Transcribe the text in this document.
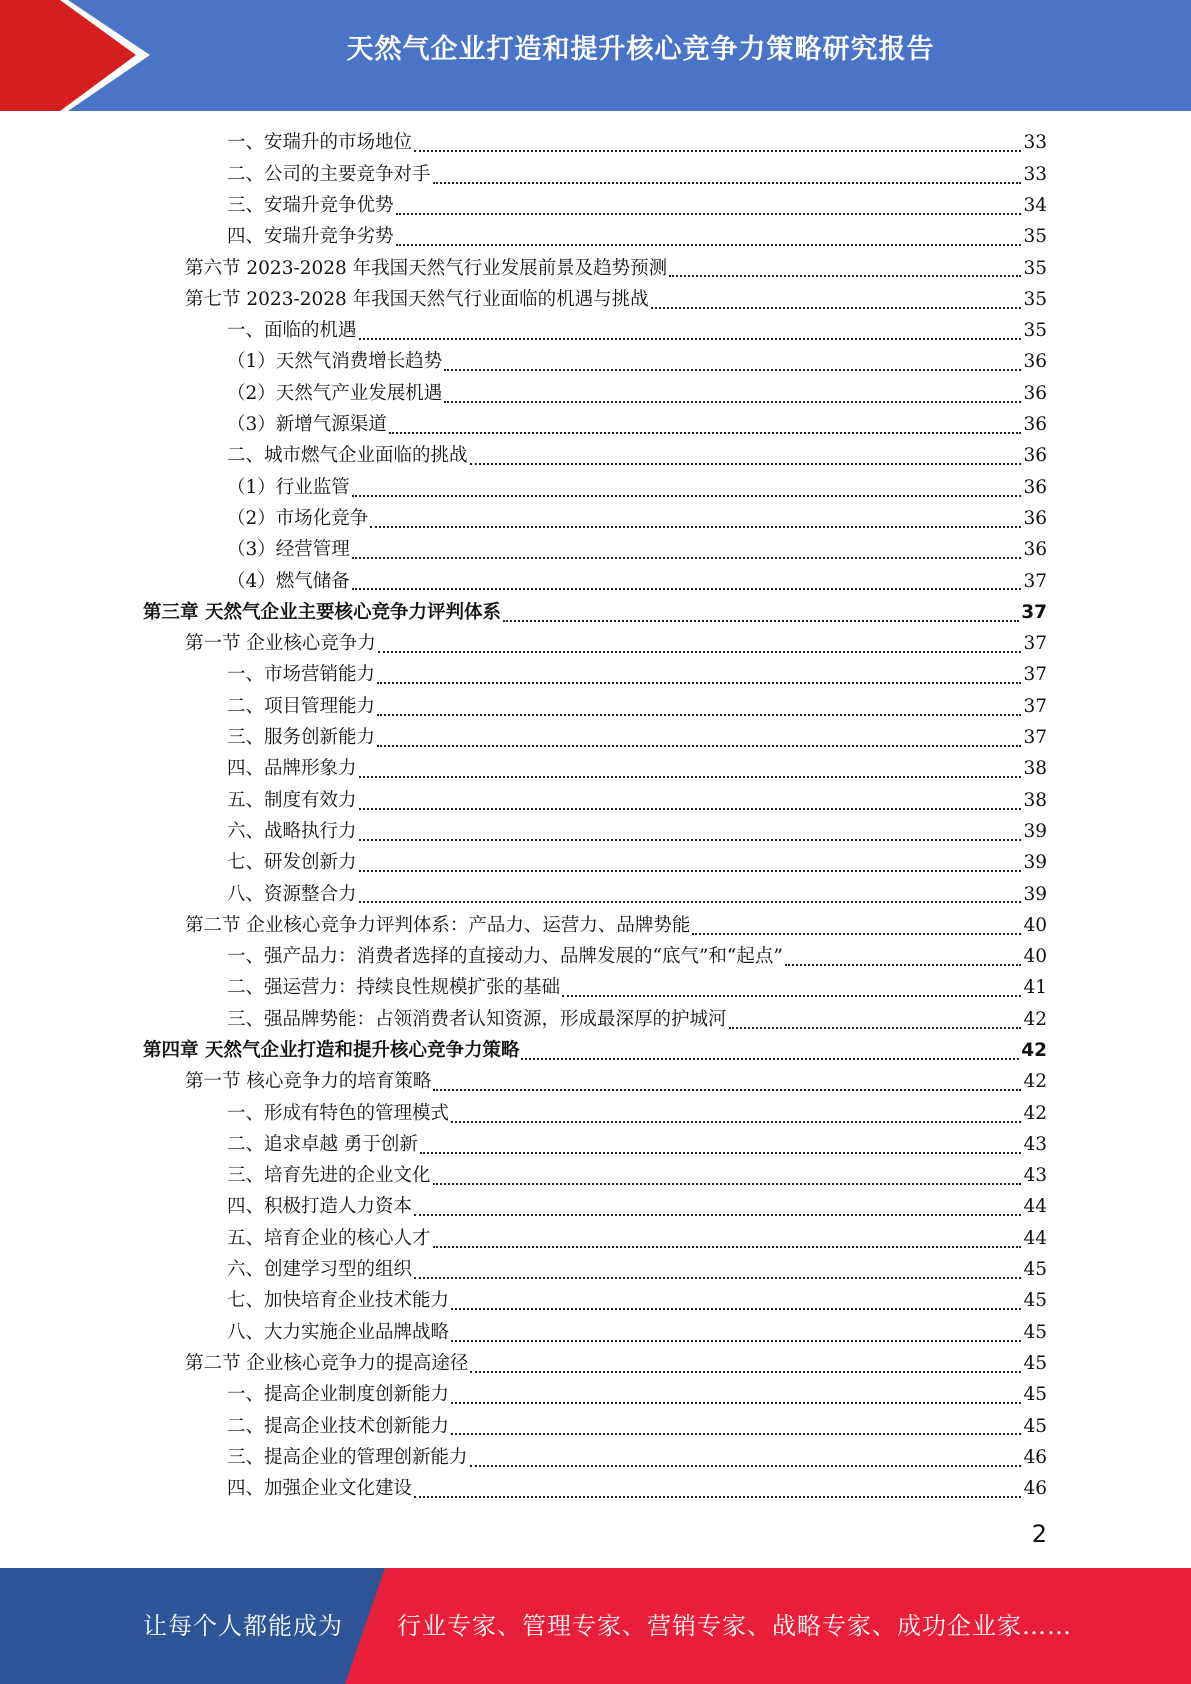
天然气企业打造和提升核心竞争力策略研究报告
一、安瑞升的市场地位	33
二、公司的主要竞争对手	33
三、安瑞升竞争优势	34
四、安瑞升竞争劣势	35
第六节 2023-2028 年我国天然气行业发展前景及趋势预测	35
第七节 2023-2028 年我国天然气行业面临的机遇与挑战	35
一、面临的机遇	35
（1）天然气消费增长趋势	36
（2）天然气产业发展机遇	36
（3）新增气源渠道	36
二、城市燃气企业面临的挑战	36
（1）行业监管	36
（2）市场化竞争	36
（3）经营管理	36
（4）燃气储备	37
第三章 天然气企业主要核心竞争力评判体系	37
第一节 企业核心竞争力	37
一、市场营销能力	37
二、项目管理能力	37
三、服务创新能力	37
四、品牌形象力	38
五、制度有效力	38
六、战略执行力	39
七、研发创新力	39
八、资源整合力	39
第二节 企业核心竞争力评判体系：产品力、运营力、品牌势能	40
一、强产品力：消费者选择的直接动力、品牌发展的“底气”和“起点”	40
二、强运营力：持续良性规模扩张的基础	41
三、强品牌势能：占领消费者认知资源，形成最深厚的护城河	42
第四章 天然气企业打造和提升核心竞争力策略	42
第一节 核心竞争力的培育策略	42
一、形成有特色的管理模式	42
二、追求卓越 勇于创新	43
三、培育先进的企业文化	43
四、积极打造人力资本	44
五、培育企业的核心人才	44
六、创建学习型的组织	45
七、加快培育企业技术能力	45
八、大力实施企业品牌战略	45
第二节 企业核心竞争力的提高途径	45
一、提高企业制度创新能力	45
二、提高企业技术创新能力	45
三、提高企业的管理创新能力	46
四、加强企业文化建设	46
2
让每个人都能成为 行业专家、管理专家、营销专家、战略专家、成功企业家……
